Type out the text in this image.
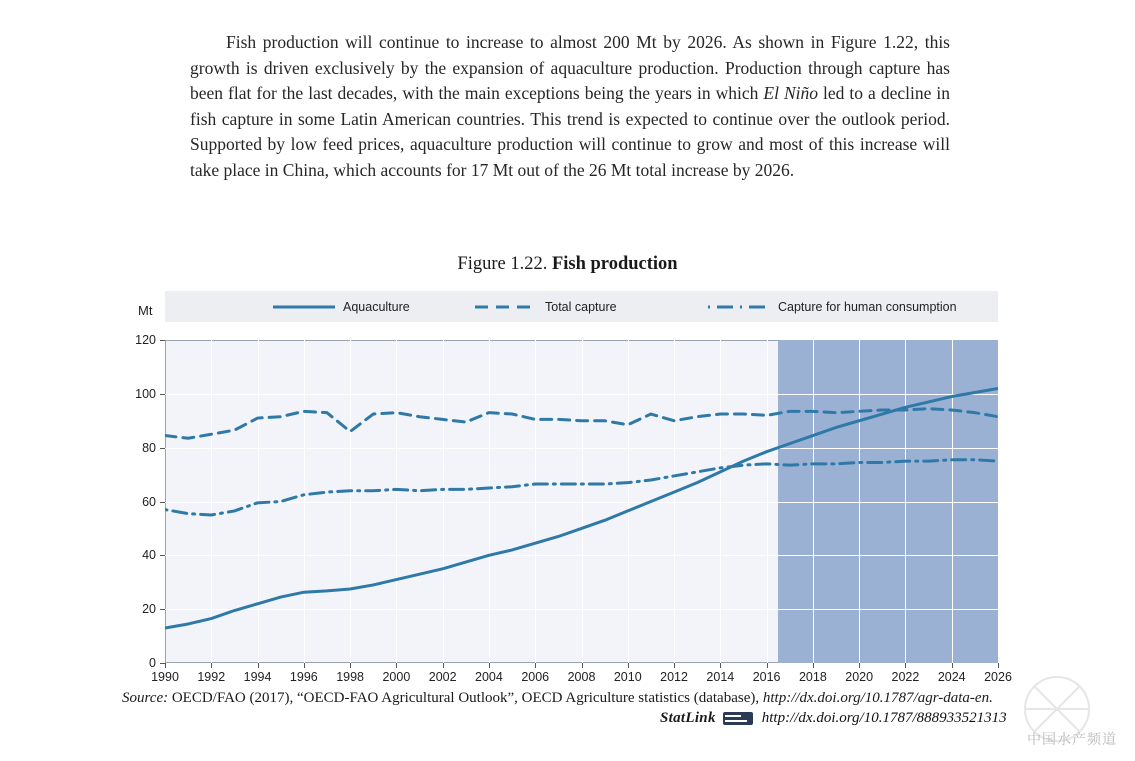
Fish production will continue to increase to almost 200 Mt by 2026. As shown in Figure 1.22, this growth is driven exclusively by the expansion of aquaculture production. Production through capture has been flat for the last decades, with the main exceptions being the years in which El Niño led to a decline in fish capture in some Latin American countries. This trend is expected to continue over the outlook period. Supported by low feed prices, aquaculture production will continue to grow and most of this increase will take place in China, which accounts for 17 Mt out of the 26 Mt total increase by 2026.
Figure 1.22. Fish production
Aquaculture	Total capture	Capture for human consumption
Mt
0
20
40
60
80
100
120
1990 1992 1994 1996 1998 2000 2002 2004 2006 2008 2010 2012 2014 2016 2018 2020 2022 2024 2026
Source: OECD/FAO (2017), “OECD-FAO Agricultural Outlook”, OECD Agriculture statistics (database), http://dx.doi.org/10.1787/agr-data-en.
StatLink	http://dx.doi.org/10.1787/888933521313
中国水产频道
